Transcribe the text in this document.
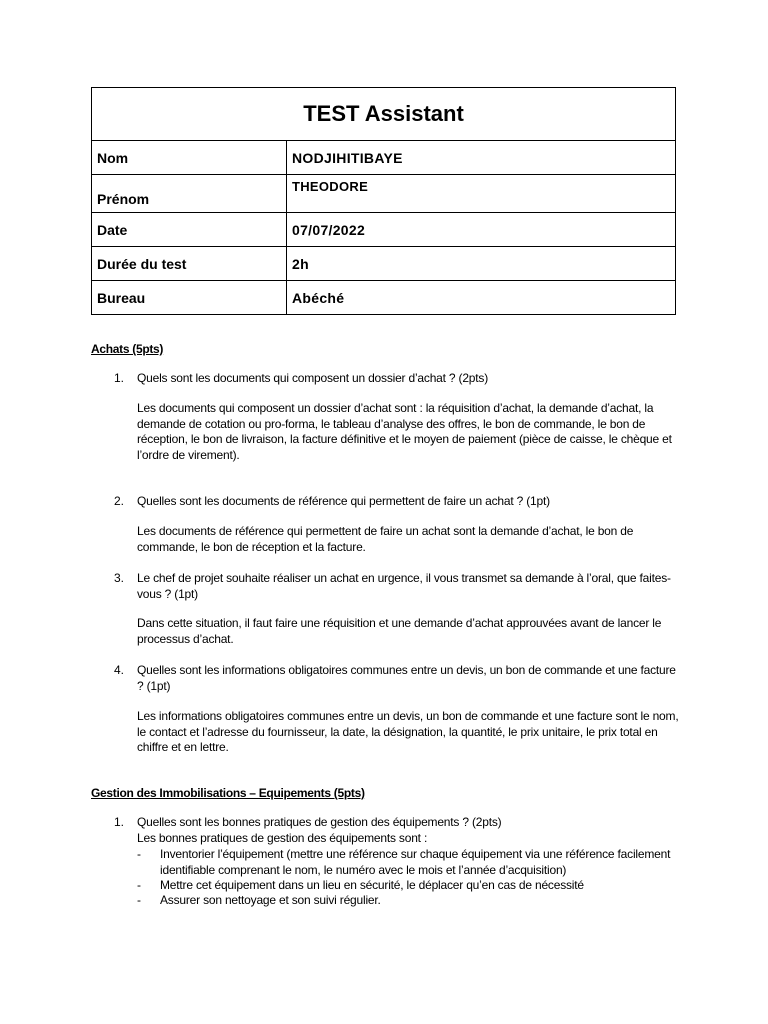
TEST Assistant	
Nom	NODJIHITIBAYE
Prénom	THEODORE
Date	07/07/2022
Durée du test	2h
Bureau	Abéché
Achats (5pts)
1. Quels sont les documents qui composent un dossier d’achat ? (2pts)
Les documents qui composent un dossier d’achat sont : la réquisition d’achat, la demande d’achat, la demande de cotation ou pro-forma, le tableau d’analyse des offres, le bon de commande, le bon de réception, le bon de livraison, la facture définitive et le moyen de paiement (pièce de caisse, le chèque et l’ordre de virement).
2. Quelles sont les documents de référence qui permettent de faire un achat ? (1pt)
Les documents de référence qui permettent de faire un achat sont la demande d’achat, le bon de commande, le bon de réception et la facture.
3. Le chef de projet souhaite réaliser un achat en urgence, il vous transmet sa demande à l’oral, que faites-vous ? (1pt)
Dans cette situation, il faut faire une réquisition et une demande d’achat approuvées avant de lancer le processus d’achat.
4. Quelles sont les informations obligatoires communes entre un devis, un bon de commande et une facture ? (1pt)
Les informations obligatoires communes entre un devis, un bon de commande et une facture sont le nom, le contact et l’adresse du fournisseur, la date, la désignation, la quantité, le prix unitaire, le prix total en chiffre et en lettre.
Gestion des Immobilisations – Equipements (5pts)
1. Quelles sont les bonnes pratiques de gestion des équipements ? (2pts)
Les bonnes pratiques de gestion des équipements sont :
- Inventorier l’équipement (mettre une référence sur chaque équipement via une référence facilement identifiable comprenant le nom, le numéro avec le mois et l’année d’acquisition)
- Mettre cet équipement dans un lieu en sécurité, le déplacer qu’en cas de nécessité
- Assurer son nettoyage et son suivi régulier.
